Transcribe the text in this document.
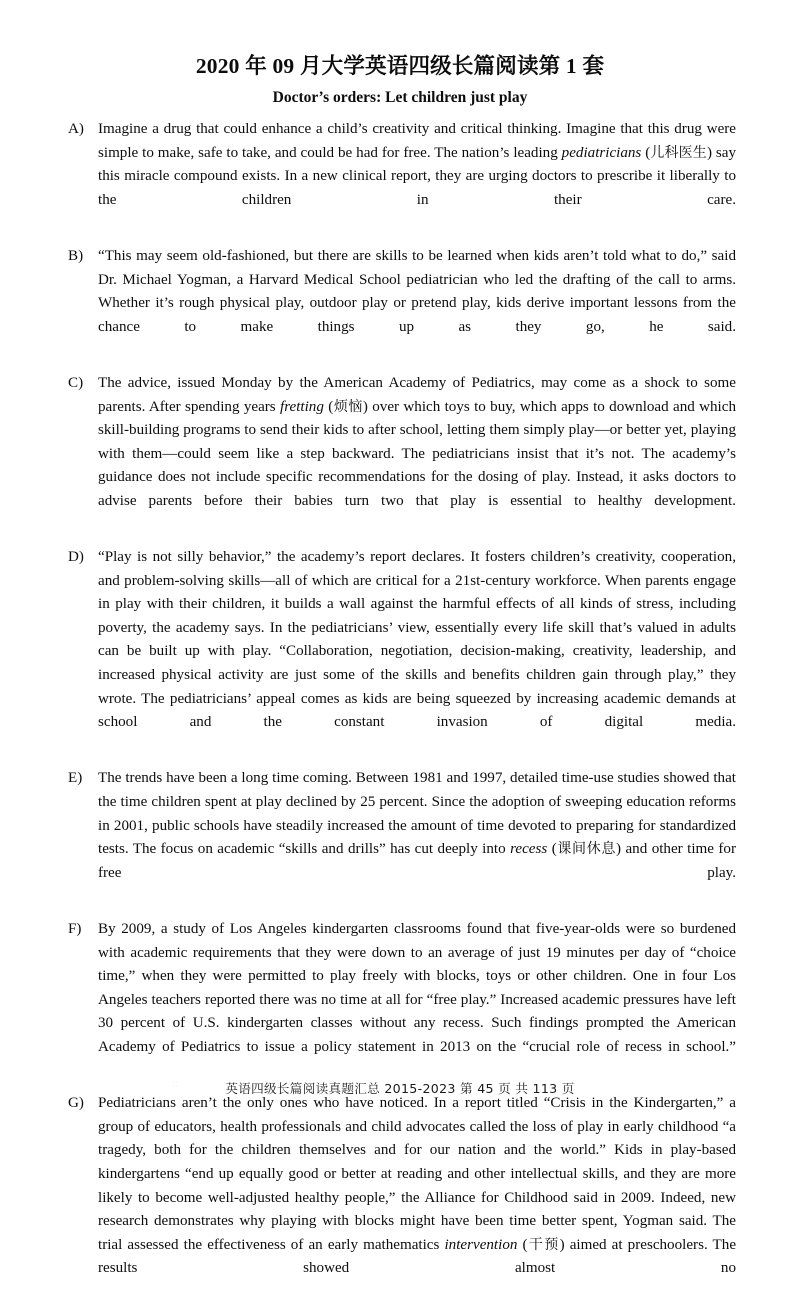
2020 年 09 月大学英语四级长篇阅读第 1 套
Doctor’s orders: Let children just play
A) Imagine a drug that could enhance a child’s creativity and critical thinking. Imagine that this drug were simple to make, safe to take, and could be had for free. The nation’s leading pediatricians (儿科医生) say this miracle compound exists. In a new clinical report, they are urging doctors to prescribe it liberally to the children in their care.
B) “This may seem old-fashioned, but there are skills to be learned when kids aren’t told what to do,” said Dr. Michael Yogman, a Harvard Medical School pediatrician who led the drafting of the call to arms. Whether it’s rough physical play, outdoor play or pretend play, kids derive important lessons from the chance to make things up as they go, he said.
C) The advice, issued Monday by the American Academy of Pediatrics, may come as a shock to some parents. After spending years fretting (烦恼) over which toys to buy, which apps to download and which skill-building programs to send their kids to after school, letting them simply play—or better yet, playing with them—could seem like a step backward. The pediatricians insist that it’s not. The academy’s guidance does not include specific recommendations for the dosing of play. Instead, it asks doctors to advise parents before their babies turn two that play is essential to healthy development.
D) “Play is not silly behavior,” the academy’s report declares. It fosters children’s creativity, cooperation, and problem-solving skills—all of which are critical for a 21st-century workforce. When parents engage in play with their children, it builds a wall against the harmful effects of all kinds of stress, including poverty, the academy says. In the pediatricians’ view, essentially every life skill that’s valued in adults can be built up with play. “Collaboration, negotiation, decision-making, creativity, leadership, and increased physical activity are just some of the skills and benefits children gain through play,” they wrote. The pediatricians’ appeal comes as kids are being squeezed by increasing academic demands at school and the constant invasion of digital media.
E)	The trends have been a long time coming. Between 1981 and 1997, detailed time-use studies showed that the time children spent at play declined by 25 percent. Since the adoption of sweeping education reforms in 2001, public schools have steadily increased the amount of time devoted to preparing for standardized tests. The focus on academic “skills and drills” has cut deeply into recess (课间休息) and other time for free play.
F)	By 2009, a study of Los Angeles kindergarten classrooms found that five-year-olds were so burdened with academic requirements that they were down to an average of just 19 minutes per day of “choice time,” when they were permitted to play freely with blocks, toys or other children. One in four Los Angeles teachers reported there was no time at all for “free play.” Increased academic pressures have left 30 percent of U.S. kindergarten classes without any recess. Such findings prompted the American Academy of Pediatrics to issue a policy statement in 2013 on the “crucial role of recess in school.”
G) Pediatricians aren’t the only ones who have noticed. In a report titled “Crisis in the Kindergarten,” a group of educators, health professionals and child advocates called the loss of play in early childhood “a tragedy, both for the children themselves and for our nation and the world.” Kids in play-based kindergartens “end up equally good or better at reading and other intellectual skills, and they are more likely to become well-adjusted healthy people,” the Alliance for Childhood said in 2009. Indeed, new research demonstrates why playing with blocks might have been time better spent, Yogman said. The trial assessed the effectiveness of an early mathematics intervention (干预) aimed at preschoolers. The results showed almost no
::	英语四级长篇阅读真题汇总 2015-2023 第 45 页 共 113 页
